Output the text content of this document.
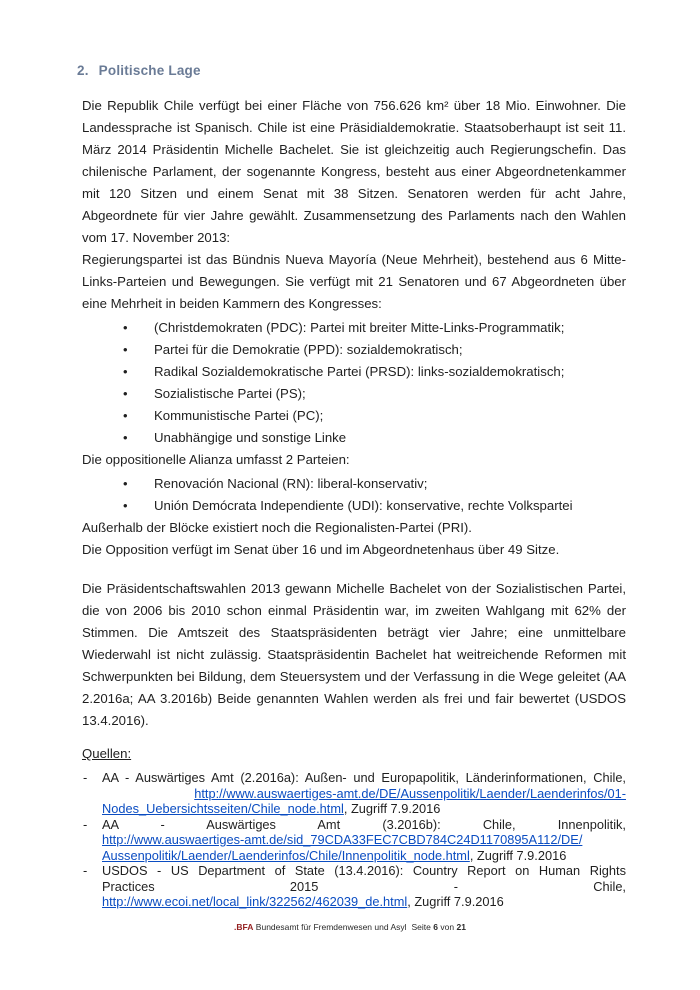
2. Politische Lage

Die Republik Chile verfügt bei einer Fläche von 756.626 km² über 18 Mio. Einwohner. Die Landessprache ist Spanisch. Chile ist eine Präsidialdemokratie. Staatsoberhaupt ist seit 11. März 2014 Präsidentin Michelle Bachelet. Sie ist gleichzeitig auch Regierungschefin. Das chilenische Parlament, der sogenannte Kongress, besteht aus einer Abgeordnetenkammer mit 120 Sitzen und einem Senat mit 38 Sitzen. Senatoren werden für acht Jahre, Abgeordnete für vier Jahre gewählt. Zusammensetzung des Parlaments nach den Wahlen vom 17. November 2013:

Regierungspartei ist das Bündnis Nueva Mayoría (Neue Mehrheit), bestehend aus 6 Mitte-Links-Parteien und Bewegungen. Sie verfügt mit 21 Senatoren und 67 Abgeordneten über eine Mehrheit in beiden Kammern des Kongresses:

• (Christdemokraten (PDC): Partei mit breiter Mitte-Links-Programmatik;
• Partei für die Demokratie (PPD): sozialdemokratisch;
• Radikal Sozialdemokratische Partei (PRSD): links-sozialdemokratisch;
• Sozialistische Partei (PS);
• Kommunistische Partei (PC);
• Unabhängige und sonstige Linke

Die oppositionelle Alianza umfasst 2 Parteien:

• Renovación Nacional (RN): liberal-konservativ;
• Unión Demócrata Independiente (UDI): konservative, rechte Volkspartei

Außerhalb der Blöcke existiert noch die Regionalisten-Partei (PRI).

Die Opposition verfügt im Senat über 16 und im Abgeordnetenhaus über 49 Sitze.

Die Präsidentschaftswahlen 2013 gewann Michelle Bachelet von der Sozialistischen Partei, die von 2006 bis 2010 schon einmal Präsidentin war, im zweiten Wahlgang mit 62% der Stimmen. Die Amtszeit des Staatspräsidenten beträgt vier Jahre; eine unmittelbare Wiederwahl ist nicht zulässig. Staatspräsidentin Bachelet hat weitreichende Reformen mit Schwerpunkten bei Bildung, dem Steuersystem und der Verfassung in die Wege geleitet (AA 2.2016a; AA 3.2016b) Beide genannten Wahlen werden als frei und fair bewertet (USDOS 13.4.2016).

Quellen:

- AA - Auswärtiges Amt (2.2016a): Außen- und Europapolitik, Länderinformationen, Chile,
http://www.auswaertiges-amt.de/DE/Aussenpolitik/Laender/Laenderinfos/01-
Nodes_Uebersichtsseiten/Chile_node.html, Zugriff 7.9.2016
- AA - Auswärtiges Amt (3.2016b): Chile, Innenpolitik,
http://www.auswaertiges-amt.de/sid_79CDA33FEC7CBD784C24D1170895A112/DE/
Aussenpolitik/Laender/Laenderinfos/Chile/Innenpolitik_node.html, Zugriff 7.9.2016
- USDOS - US Department of State (13.4.2016): Country Report on Human Rights
Practices 2015 - Chile,
http://www.ecoi.net/local_link/322562/462039_de.html, Zugriff 7.9.2016
.BFA Bundesamt für Fremdenwesen und Asyl Seite 6 von 21
